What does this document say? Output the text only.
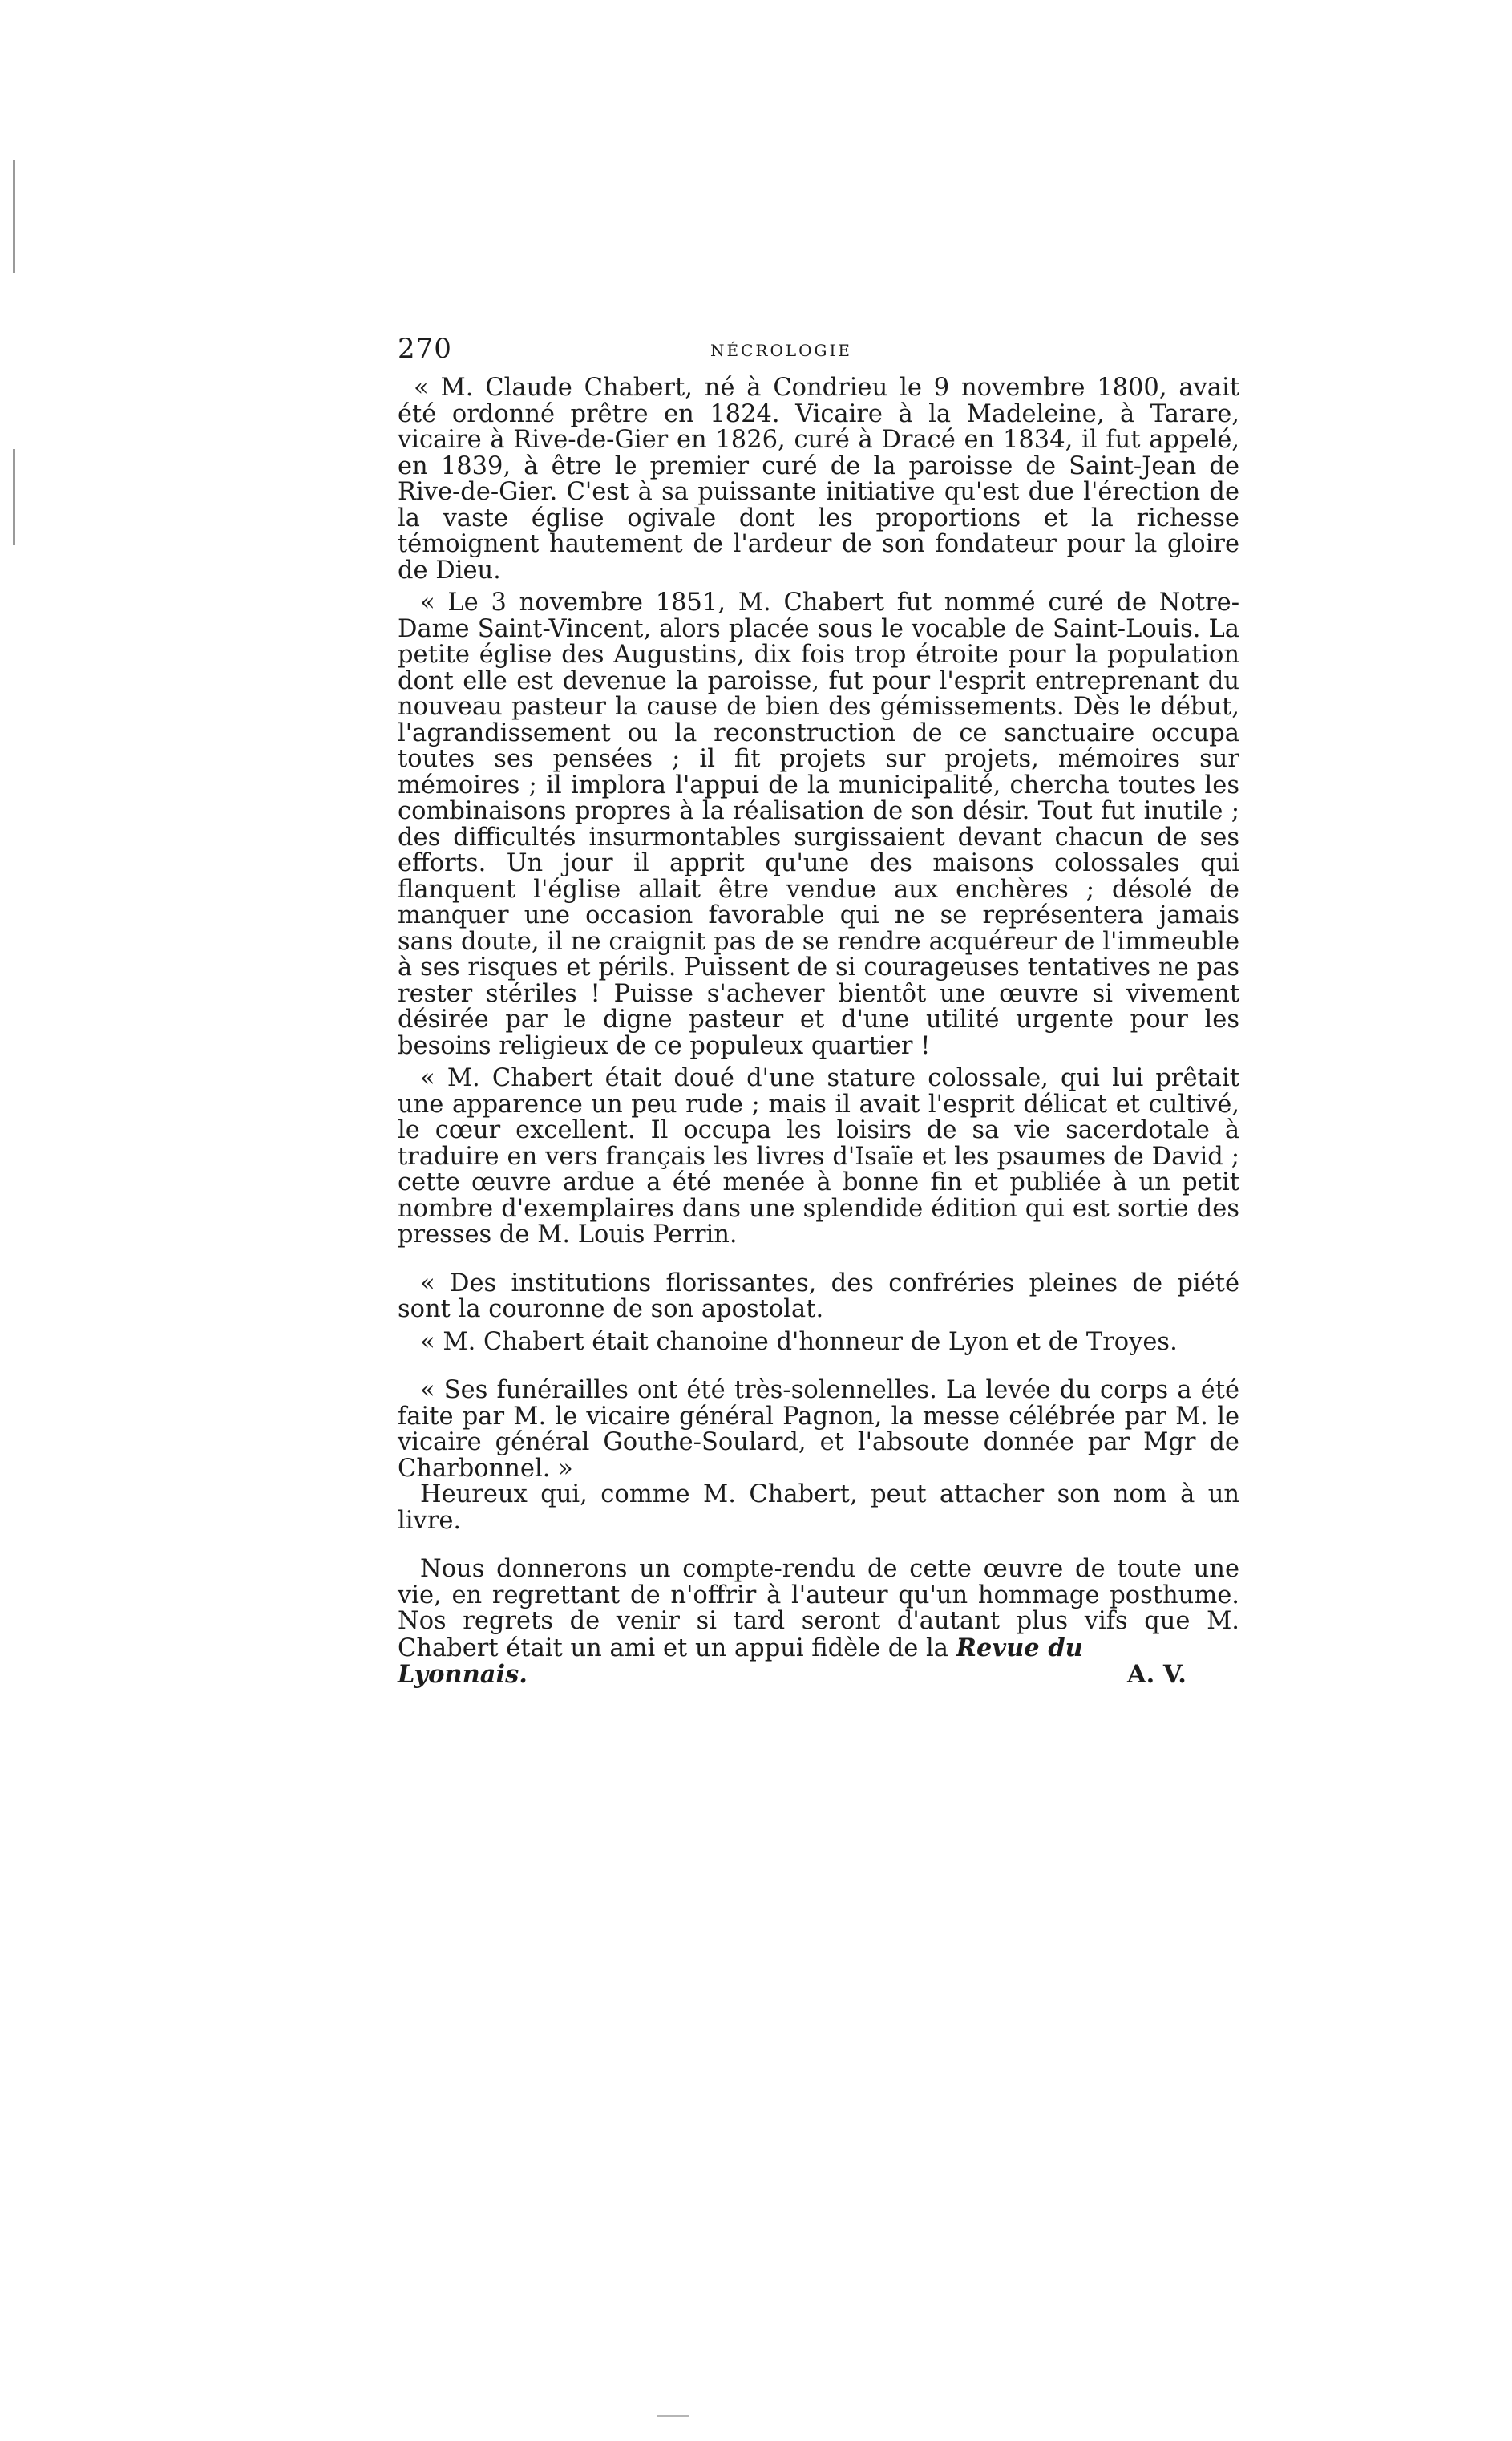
270	NÉCROLOGIE

« M. Claude Chabert, né à Condrieu le 9 novembre 1800, avait été ordonné prêtre en 1824. Vicaire à la Madeleine, à Tarare, vicaire à Rive-de-Gier en 1826, curé à Dracé en 1834, il fut appelé, en 1839, à être le premier curé de la paroisse de Saint-Jean de Rive-de-Gier. C'est à sa puissante initiative qu'est due l'érection de la vaste église ogivale dont les proportions et la richesse témoignent hautement de l'ardeur de son fondateur pour la gloire de Dieu.

« Le 3 novembre 1851, M. Chabert fut nommé curé de Notre-Dame Saint-Vincent, alors placée sous le vocable de Saint-Louis. La petite église des Augustins, dix fois trop étroite pour la population dont elle est devenue la paroisse, fut pour l'esprit entreprenant du nouveau pasteur la cause de bien des gémissements. Dès le début, l'agrandissement ou la reconstruction de ce sanctuaire occupa toutes ses pensées ; il fit projets sur projets, mémoires sur mémoires ; il implora l'appui de la municipalité, chercha toutes les combinaisons propres à la réalisation de son désir. Tout fut inutile ; des difficultés insurmontables surgissaient devant chacun de ses efforts. Un jour il apprit qu'une des maisons colossales qui flanquent l'église allait être vendue aux enchères ; désolé de manquer une occasion favorable qui ne se représentera jamais sans doute, il ne craignit pas de se rendre acquéreur de l'immeuble à ses risques et périls. Puissent de si courageuses tentatives ne pas rester stériles ! Puisse s'achever bientôt une œuvre si vivement désirée par le digne pasteur et d'une utilité urgente pour les besoins religieux de ce populeux quartier !

« M. Chabert était doué d'une stature colossale, qui lui prêtait une apparence un peu rude ; mais il avait l'esprit délicat et cultivé, le cœur excellent. Il occupa les loisirs de sa vie sacerdotale à traduire en vers français les livres d'Isaïe et les psaumes de David ; cette œuvre ardue a été menée à bonne fin et publiée à un petit nombre d'exemplaires dans une splendide édition qui est sortie des presses de M. Louis Perrin.

« Des institutions florissantes, des confréries pleines de piété sont la couronne de son apostolat.

« M. Chabert était chanoine d'honneur de Lyon et de Troyes.

« Ses funérailles ont été très-solennelles. La levée du corps a été faite par M. le vicaire général Pagnon, la messe célébrée par M. le vicaire général Gouthe-Soulard, et l'absoute donnée par Mgr de Charbonnel. »

Heureux qui, comme M. Chabert, peut attacher son nom à un livre.

Nous donnerons un compte-rendu de cette œuvre de toute une vie, en regrettant de n'offrir à l'auteur qu'un hommage posthume. Nos regrets de venir si tard seront d'autant plus vifs que M. Chabert était un ami et un appui fidèle de la Revue du

Lyonnais.	A. V.
